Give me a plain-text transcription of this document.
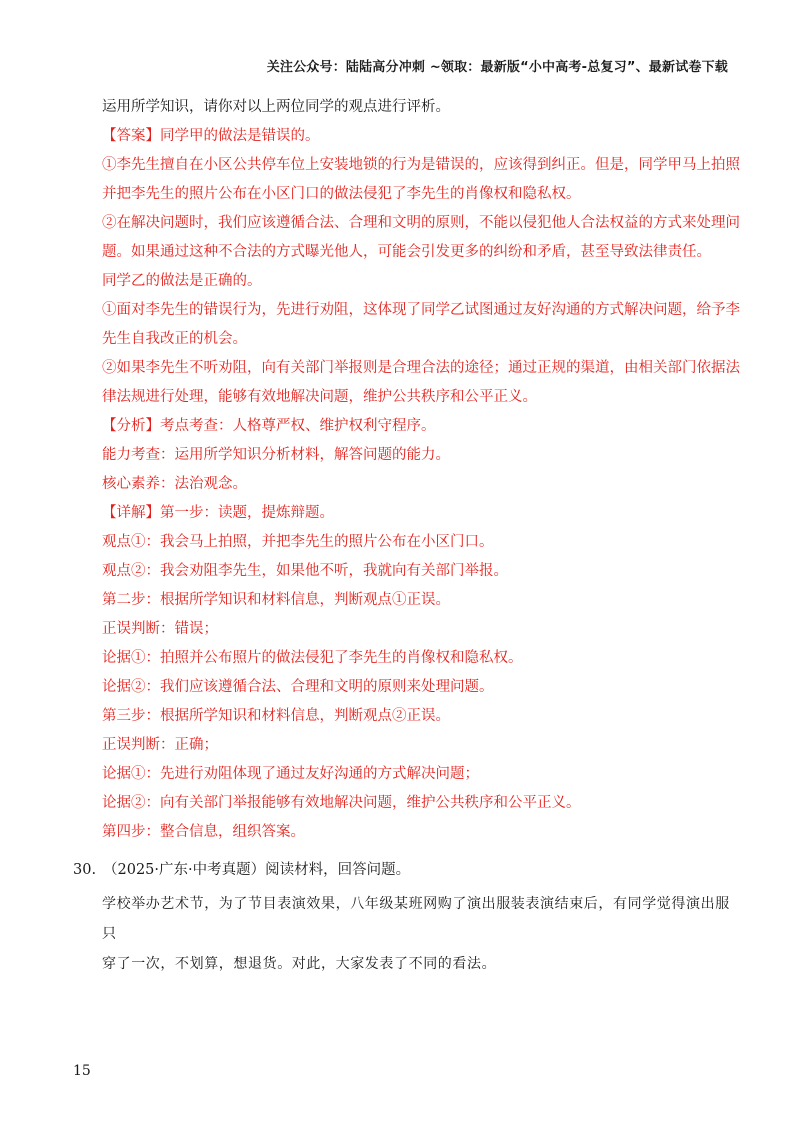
关注公众号：陆陆高分冲刺 ~领取：最新版“小中高考-总复习”、最新试卷下载

运用所学知识，请你对以上两位同学的观点进行评析。

【答案】同学甲的做法是错误的。

①李先生擅自在小区公共停车位上安装地锁的行为是错误的，应该得到纠正。但是，同学甲马上拍照

并把李先生的照片公布在小区门口的做法侵犯了李先生的肖像权和隐私权。

②在解决问题时，我们应该遵循合法、合理和文明的原则，不能以侵犯他人合法权益的方式来处理问

题。如果通过这种不合法的方式曝光他人，可能会引发更多的纠纷和矛盾，甚至导致法律责任。

同学乙的做法是正确的。

①面对李先生的错误行为，先进行劝阻，这体现了同学乙试图通过友好沟通的方式解决问题，给予李

先生自我改正的机会。

②如果李先生不听劝阻，向有关部门举报则是合理合法的途径；通过正规的渠道，由相关部门依据法

律法规进行处理，能够有效地解决问题，维护公共秩序和公平正义。

【分析】考点考查：人格尊严权、维护权利守程序。

能力考查：运用所学知识分析材料，解答问题的能力。

核心素养：法治观念。

【详解】第一步：读题，提炼辩题。

观点①：我会马上拍照，并把李先生的照片公布在小区门口。

观点②：我会劝阻李先生，如果他不听，我就向有关部门举报。

第二步：根据所学知识和材料信息，判断观点①正误。

正误判断：错误；

论据①：拍照并公布照片的做法侵犯了李先生的肖像权和隐私权。

论据②：我们应该遵循合法、合理和文明的原则来处理问题。

第三步：根据所学知识和材料信息，判断观点②正误。

正误判断：正确；

论据①：先进行劝阻体现了通过友好沟通的方式解决问题；

论据②：向有关部门举报能够有效地解决问题，维护公共秩序和公平正义。

第四步：整合信息，组织答案。

30. （2025·广东·中考真题）阅读材料，回答问题。

学校举办艺术节，为了节目表演效果，八年级某班网购了演出服装表演结束后，有同学觉得演出服只

穿了一次，不划算，想退货。对此，大家发表了不同的看法。

15
